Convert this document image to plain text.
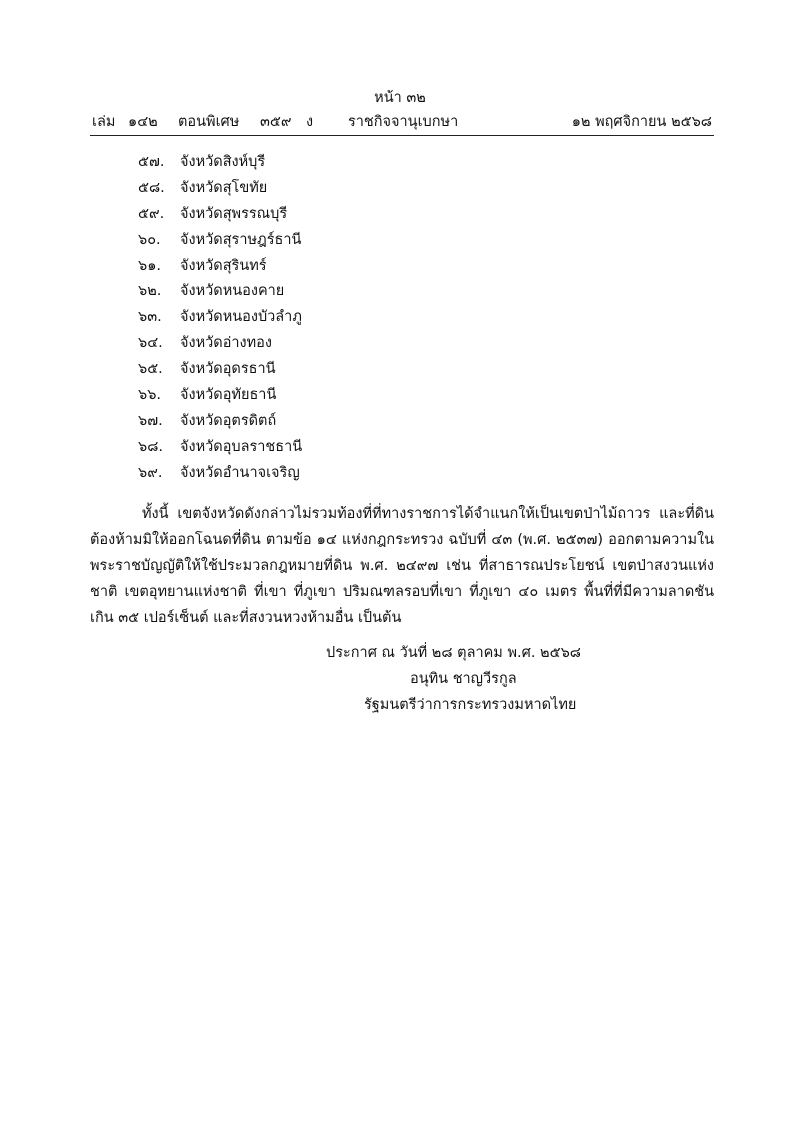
หน้า ๓๒
เล่ม ๑๔๒ ตอนพิเศษ ๓๕๙ ง ราชกิจจานุเบกษา	๑๒ พฤศจิกายน ๒๕๖๘
๕๗. จังหวัดสิงห์บุรี
๕๘. จังหวัดสุโขทัย
๕๙. จังหวัดสุพรรณบุรี
๖๐. จังหวัดสุราษฎร์ธานี
๖๑. จังหวัดสุรินทร์
๖๒. จังหวัดหนองคาย
๖๓. จังหวัดหนองบัวลำภู
๖๔. จังหวัดอ่างทอง
๖๕. จังหวัดอุดรธานี
๖๖. จังหวัดอุทัยธานี
๖๗. จังหวัดอุตรดิตถ์
๖๘. จังหวัดอุบลราชธานี
๖๙. จังหวัดอำนาจเจริญ

ทั้งนี้ เขตจังหวัดดังกล่าวไม่รวมท้องที่ที่ทางราชการได้จำแนกให้เป็นเขตป่าไม้ถาวร และที่ดินต้องห้ามมิให้ออกโฉนดที่ดิน ตามข้อ ๑๔ แห่งกฎกระทรวง ฉบับที่ ๔๓ (พ.ศ. ๒๕๓๗) ออกตามความในพระราชบัญญัติให้ใช้ประมวลกฎหมายที่ดิน พ.ศ. ๒๔๙๗ เช่น ที่สาธารณประโยชน์ เขตป่าสงวนแห่งชาติ เขตอุทยานแห่งชาติ ที่เขา ที่ภูเขา ปริมณฑลรอบที่เขา ที่ภูเขา ๔๐ เมตร พื้นที่ที่มีความลาดชันเกิน ๓๕ เปอร์เซ็นต์ และที่สงวนหวงห้ามอื่น เป็นต้น

ประกาศ ณ วันที่ ๒๘ ตุลาคม พ.ศ. ๒๕๖๘
อนุทิน ชาญวีรกูล
รัฐมนตรีว่าการกระทรวงมหาดไทย
